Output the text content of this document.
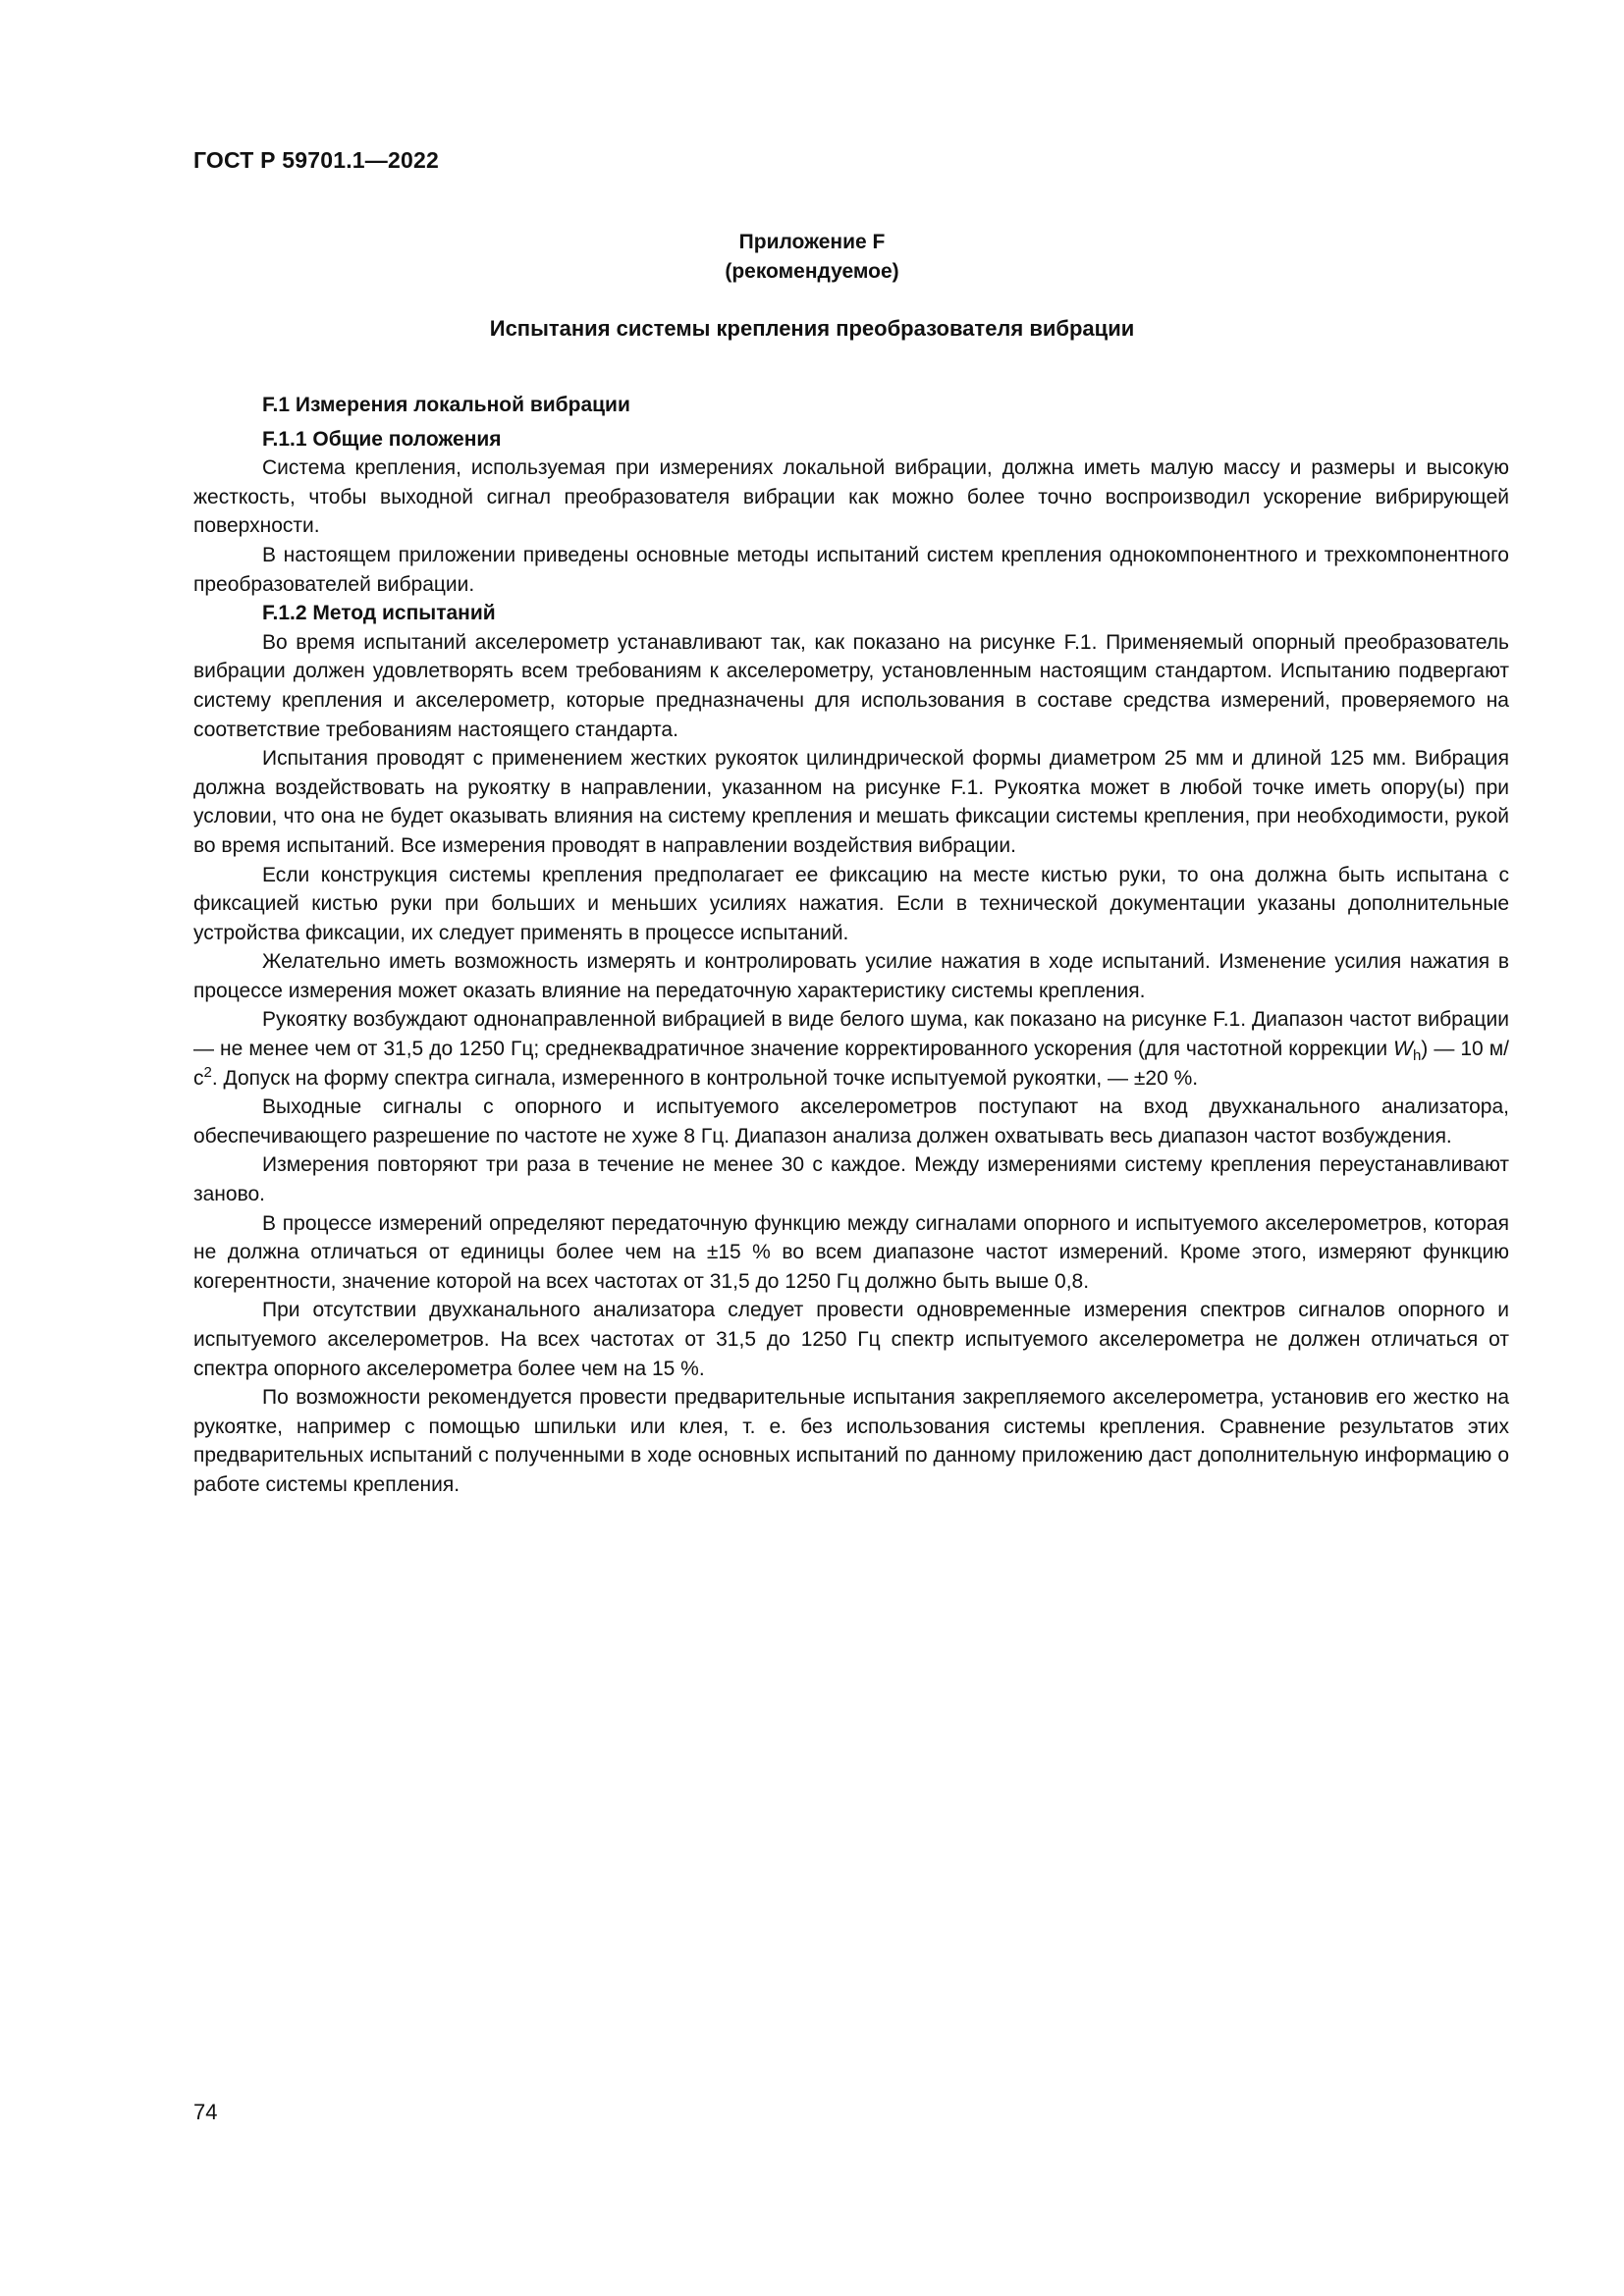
ГОСТ Р 59701.1—2022
Приложение F
(рекомендуемое)
Испытания системы крепления преобразователя вибрации
F.1 Измерения локальной вибрации
F.1.1 Общие положения

Система крепления, используемая при измерениях локальной вибрации, должна иметь малую массу и размеры и высокую жесткость, чтобы выходной сигнал преобразователя вибрации как можно более точно воспроизводил ускорение вибрирующей поверхности.

В настоящем приложении приведены основные методы испытаний систем крепления однокомпонентного и трехкомпонентного преобразователей вибрации.

F.1.2 Метод испытаний

Во время испытаний акселерометр устанавливают так, как показано на рисунке F.1. Применяемый опорный преобразователь вибрации должен удовлетворять всем требованиям к акселерометру, установленным настоящим стандартом. Испытанию подвергают систему крепления и акселерометр, которые предназначены для использования в составе средства измерений, проверяемого на соответствие требованиям настоящего стандарта.

Испытания проводят с применением жестких рукояток цилиндрической формы диаметром 25 мм и длиной 125 мм. Вибрация должна воздействовать на рукоятку в направлении, указанном на рисунке F.1. Рукоятка может в любой точке иметь опору(ы) при условии, что она не будет оказывать влияния на систему крепления и мешать фиксации системы крепления, при необходимости, рукой во время испытаний. Все измерения проводят в направлении воздействия вибрации.

Если конструкция системы крепления предполагает ее фиксацию на месте кистью руки, то она должна быть испытана с фиксацией кистью руки при больших и меньших усилиях нажатия. Если в технической документации указаны дополнительные устройства фиксации, их следует применять в процессе испытаний.

Желательно иметь возможность измерять и контролировать усилие нажатия в ходе испытаний. Изменение усилия нажатия в процессе измерения может оказать влияние на передаточную характеристику системы крепления.

Рукоятку возбуждают однонаправленной вибрацией в виде белого шума, как показано на рисунке F.1. Диапазон частот вибрации — не менее чем от 31,5 до 1250 Гц; среднеквадратичное значение корректированного ускорения (для частотной коррекции $W_h$) — 10 $м/с^2$. Допуск на форму спектра сигнала, измеренного в контрольной точке испытуемой рукоятки, — ±20 %.

Выходные сигналы с опорного и испытуемого акселерометров поступают на вход двухканального анализатора, обеспечивающего разрешение по частоте не хуже 8 Гц. Диапазон анализа должен охватывать весь диапазон частот возбуждения.

Измерения повторяют три раза в течение не менее 30 с каждое. Между измерениями систему крепления переустанавливают заново.

В процессе измерений определяют передаточную функцию между сигналами опорного и испытуемого акселерометров, которая не должна отличаться от единицы более чем на ±15 % во всем диапазоне частот измерений. Кроме этого, измеряют функцию когерентности, значение которой на всех частотах от 31,5 до 1250 Гц должно быть выше 0,8.

При отсутствии двухканального анализатора следует провести одновременные измерения спектров сигналов опорного и испытуемого акселерометров. На всех частотах от 31,5 до 1250 Гц спектр испытуемого акселерометра не должен отличаться от спектра опорного акселерометра более чем на 15 %.

По возможности рекомендуется провести предварительные испытания закрепляемого акселерометра, установив его жестко на рукоятке, например с помощью шпильки или клея, т. е. без использования системы крепления. Сравнение результатов этих предварительных испытаний с полученными в ходе основных испытаний по данному приложению даст дополнительную информацию о работе системы крепления.

74
